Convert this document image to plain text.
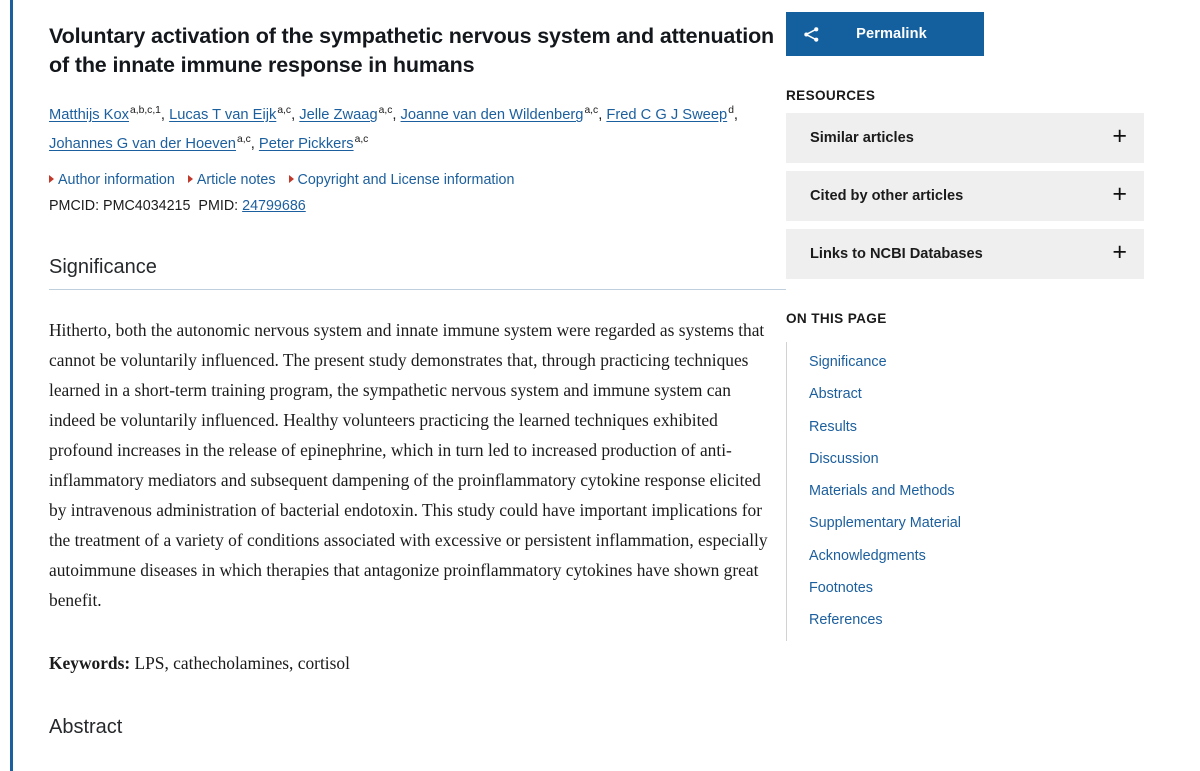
Voluntary activation of the sympathetic nervous system and attenuation of the innate immune response in humans
Matthijs Kox$^{a,b,c,1}$, Lucas T van Eijk$^{a,c}$, Jelle Zwaag$^{a,c}$, Joanne van den Wildenberg$^{a,c}$, Fred C G J Sweep$^d$, Johannes G van der Hoeven$^{a,c}$, Peter Pickkers$^{a,c}$
Author information Article notes Copyright and License information
PMCID: PMC4034215 PMID: 24799686
Significance

Hitherto, both the autonomic nervous system and innate immune system were regarded as systems that cannot be voluntarily influenced. The present study demonstrates that, through practicing techniques learned in a short-term training program, the sympathetic nervous system and immune system can indeed be voluntarily influenced. Healthy volunteers practicing the learned techniques exhibited profound increases in the release of epinephrine, which in turn led to increased production of anti-inflammatory mediators and subsequent dampening of the proinflammatory cytokine response elicited by intravenous administration of bacterial endotoxin. This study could have important implications for the treatment of a variety of conditions associated with excessive or persistent inflammation, especially autoimmune diseases in which therapies that antagonize proinflammatory cytokines have shown great benefit.

Keywords: LPS, cathecholamines, cortisol

Abstract
Permalink
RESOURCES
Similar articles	+
Cited by other articles	+
Links to NCBI Databases	+
ON THIS PAGE
Significance
Abstract
Results
Discussion
Materials and Methods
Supplementary Material
Acknowledgments
Footnotes
References
